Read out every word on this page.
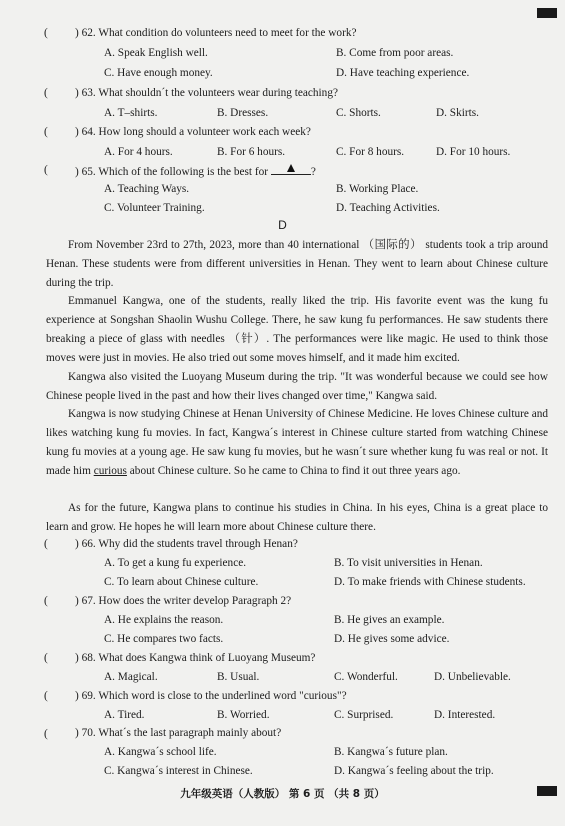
( ) 62. What condition do volunteers need to meet for the work?
A. Speak English well.	B. Come from poor areas.
C. Have enough money.	D. Have teaching experience.
( ) 63. What shouldn´t the volunteers wear during teaching?
A. T–shirts.	B. Dresses.	C. Shorts.	D. Skirts.
( ) 64. How long should a volunteer work each week?
A. For 4 hours.	B. For 6 hours.	C. For 8 hours.	D. For 10 hours.
( ) 65. Which of the following is the best for	?
A. Teaching Ways.	B. Working Place.
C. Volunteer Training.	D. Teaching Activities.
D
From November 23rd to 27th, 2023, more than 40 international （国际的） students took a trip around Henan. These students were from different universities in Henan. They went to learn about Chinese culture during the trip.
Emmanuel Kangwa, one of the students, really liked the trip. His favorite event was the kung fu experience at Songshan Shaolin Wushu College. There, he saw kung fu performances. He saw students there breaking a piece of glass with needles （针）. The performances were like magic. He used to think those moves were just in movies. He also tried out some moves himself, and it made him excited.
Kangwa also visited the Luoyang Museum during the trip. "It was wonderful because we could see how Chinese people lived in the past and how their lives changed over time," Kangwa said.
Kangwa is now studying Chinese at Henan University of Chinese Medicine. He loves Chinese culture and likes watching kung fu movies. In fact, Kangwa´s interest in Chinese culture started from watching Chinese kung fu movies at a young age. He saw kung fu movies, but he wasn´t sure whether kung fu was real or not. It made him curious about Chinese culture. So he came to China to find it out three years ago.
As for the future, Kangwa plans to continue his studies in China. In his eyes, China is a great place to learn and grow. He hopes he will learn more about Chinese culture there.
( ) 66. Why did the students travel through Henan?
A. To get a kung fu experience.	B. To visit universities in Henan.
C. To learn about Chinese culture.	D. To make friends with Chinese students.
( ) 67. How does the writer develop Paragraph 2?
A. He explains the reason.	B. He gives an example.
C. He compares two facts.	D. He gives some advice.
( ) 68. What does Kangwa think of Luoyang Museum?
A. Magical.	B. Usual.	C. Wonderful.	D. Unbelievable.
( ) 69. Which word is close to the underlined word "curious"?
A. Tired.	B. Worried.	C. Surprised.	D. Interested.
( ) 70. What´s the last paragraph mainly about?
A. Kangwa´s school life.	B. Kangwa´s future plan.
C. Kangwa´s interest in Chinese.	D. Kangwa´s feeling about the trip.
九年级英语（人教版） 第 6 页 （共 8 页）
